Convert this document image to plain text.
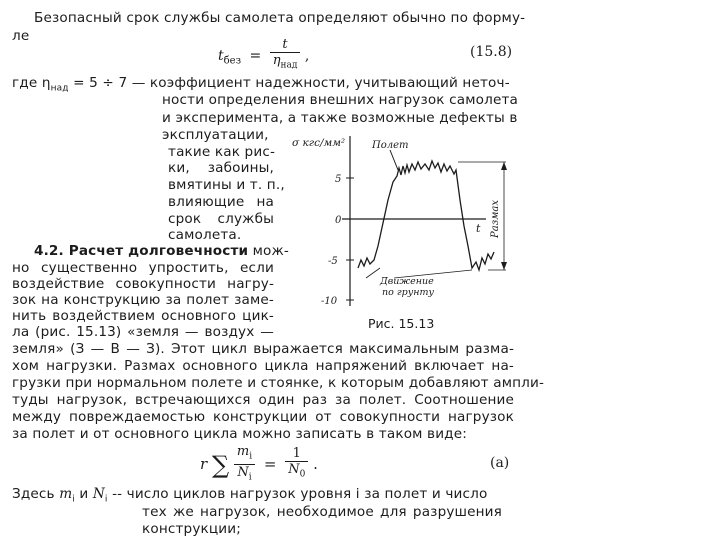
Безопасный срок службы самолета определяют обычно по форму-
ле
$t_{без} = \frac{t}{\eta_{над}}$ ,	(15.8)
где $\eta_{над} = 5 \div 7$ — коэффициент надежности, учитывающий неточ-
ности определения внешних нагрузок самолета
и эксперимента, а также возможные дефекты в
эксплуатации,
такие как рис-
ки, забоины,
вмятины и т. п.,
влияющие на
срок службы
самолета.
4.2. Расчет долговечности мож-
но существенно упростить, если
воздействие совокупности нагру-
зок на конструкцию за полет заме-
нить воздействием основного цик-
ла (рис. 15.13) «земля — воздух —
земля» (З — В — З). Этот цикл выражается максимальным разма-
хом нагрузки. Размах основного цикла напряжений включает на-
грузки при нормальном полете и стоянке, к которым добавляют ампли-
туды нагрузок, встречающихся один раз за полет. Соотношение
между повреждаемостью конструкции от совокупности нагрузок
за полет и от основного цикла можно записать в таком виде:
r ∑ $\frac{m_i}{N_i} = \frac{1}{N_0}$ .	(a)
Здесь $m_i$ и $N_i$ -- число циклов нагрузок уровня i за полет и число
тех же нагрузок, необходимое для разрушения
конструкции;
σ кгс/мм²	Полет
5
0
-5
-10
t Размах
Движение
по грунту
Рис. 15.13
